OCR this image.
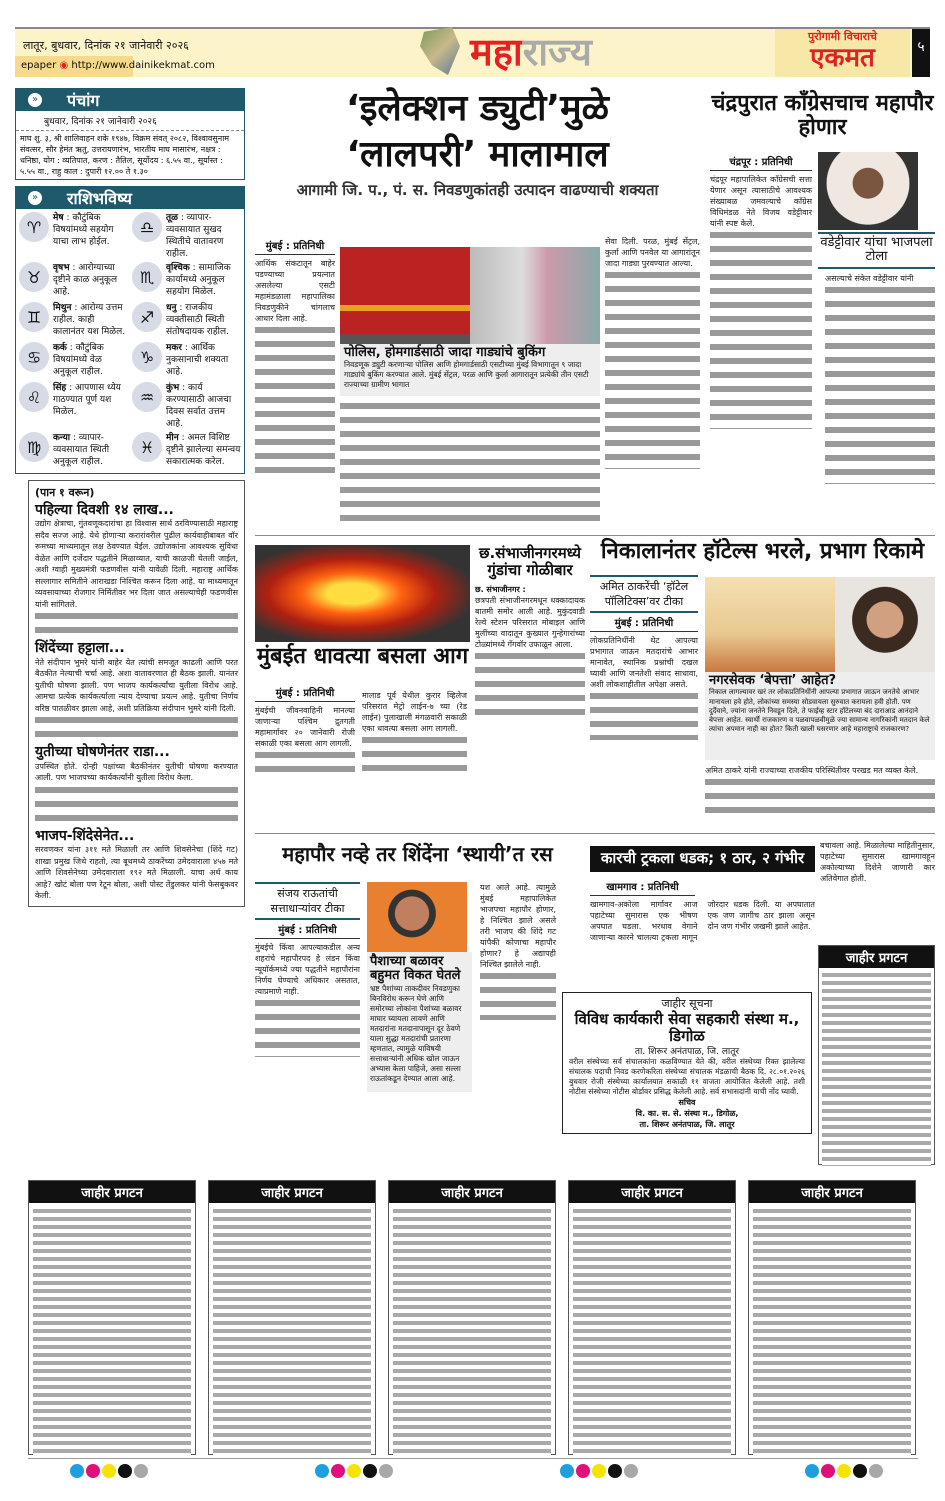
लातूर, बुधवार, दिनांक २१ जानेवारी २०२६
epaper ◉ http://www.dainikekmat.com	महाराज्य	पुरोगामी विचाराचे
एकमत	५
» पंचांग
बुधवार, दिनांक २१ जानेवारी २०२६
माघ शु. ३, श्री शालिवाहन शके १९४७, विक्रम संवत् २०८२, विश्वावसुनाम संवत्सर, सौर हेमंत ऋतु, उत्तरायणारंभ, भारतीय माघ मासारंभ, नक्षत्र : धनिष्ठा, योग : व्यतिपात, करण : तैतिल, सूर्योदय : ६.५५ वा., सूर्यास्त : ५.५५ वा., राहु काल : दुपारी १२.०० ते १.३०
» राशिभविष्य
♈	मेष : कौटुंबिक विषयांमध्ये सहयोग याचा लाभ होईल.
♎	तूळ : व्यापार-व्यवसायात सुखद स्थितीचे वातावरण राहील.
♉	वृषभ : आरोग्याच्या दृष्टीने काळ अनुकूल आहे.
♏	वृश्चिक : सामाजिक कार्यामध्ये अनुकूल सहयोग मिळेल.
♊	मिथुन : आरोग्य उत्तम राहील. काही कालानंतर यश मिळेल.
♐	धनु : राजकीय व्यक्तीसाठी स्थिती संतोषदायक राहील.
♋	कर्क : कौटुंबिक विषयांमध्ये वेळ अनुकूल राहील.
♑	मकर : आर्थिक नुकसानाची शक्यता आहे.
♌	सिंह : आपणास ध्येय गाठण्यात पूर्ण यश मिळेल.
♒	कुंभ : कार्य करण्यासाठी आजचा दिवस सर्वात उत्तम आहे.
♍	कन्या : व्यापार-व्यवसायात स्थिती अनुकूल राहील.
♓	मीन : अमल विशिष्ट दृष्टीने झालेल्या समन्वय सकारात्मक करेल.
(पान १ वरून)
पहिल्या दिवशी १४ लाख...
उद्योग क्षेत्राचा, गुंतवणूकदारांचा हा विश्वास सार्थ ठरविण्यासाठी महाराष्ट्र सदैव सज्ज आहे. येथे होणाऱ्या करारांवरील पुढील कार्यवाहीबाबत वॉर रूमच्या माध्यमातून लक्ष ठेवण्यात येईल. उद्योजकांना आवश्यक सुविधा वेळेत आणि दर्जेदार पद्धतीने मिळाव्यात, याची काळजी घेतली जाईल, अशी ग्वाही मुख्यमंत्री फडणवीस यांनी यावेळी दिली. महाराष्ट्र आर्थिक सल्लागार समितीने आराखडा निश्चित करून दिला आहे. या माध्यमातून व्यवसायाच्या रोजगार निर्मितीवर भर दिला जात असल्याचेही फडणवीस यांनी सांगितले.
शिंदेंच्या हट्टाला...
नेते संदीपान भुमरे यांनी बाहेर येत त्यांची समजूत काढली आणि परत बैठकीत नेल्याची चर्चा आहे. अशा वातावरणात ही बैठक झाली. यानंतर युतीची घोषणा झाली. पण भाजप कार्यकर्त्यांचा युतीला विरोध आहे. आमचा प्रत्येक कार्यकर्त्याला न्याय देण्याचा प्रयत्न आहे. युतीचा निर्णय वरिष्ठ पातळीवर झाला आहे, अशी प्रतिक्रिया संदीपान भुमरे यांनी दिली.
युतीच्या घोषणेनंतर राडा...
उपस्थित होते. दोन्ही पक्षांच्या बैठकीनंतर युतीची घोषणा करण्यात आली. पण भाजपच्या कार्यकर्त्यांनी युतीला विरोध केला.
भाजप-शिंदेसेनेत...
सरवणकर यांना ३११ मते मिळाली तर आणि शिवसेनेचा (शिंदे गट) शाखा प्रमुख जिथे राहतो, त्या बूथमध्ये ठाकरेंच्या उमेदवाराला ४५७ मते आणि शिवसेनेच्या उमेदवाराला १९२ मते मिळाली. याचा अर्थ काय आहे? खोटं बोला पण रेटून बोला, अशी पोस्ट तेंडुलकर यांनी फेसबुकवर केली.
‘इलेक्शन ड्युटी’मुळे
‘लालपरी’ मालामाल
आगामी जि. प., पं. स. निवडणुकांतही उत्पादन वाढण्याची शक्यता
मुंबई : प्रतिनिधी
आर्थिक संकटातून बाहेर पडण्याच्या प्रयत्नात असलेल्या एसटी महामंडळाला महापालिका निवडणुकीने चांगलाच आधार दिला आहे.
पोलिस, होमगार्डसाठी जादा गाड्यांचे बुकिंग
निवडणूक ड्युटी करणाऱ्या पोलिस आणि होमगार्डसाठी एसटीच्या मुंबई विभागातून ९ जादा गाड्यांचे बुकिंग करण्यात आले. मुंबई सेंट्रल, परळ आणि कुर्ला आगारातून प्रत्येकी तीन एसटी राज्याच्या ग्रामीण भागात
सेवा दिली. परळ, मुंबई सेंट्रल, कुर्ला आणि पनवेल या आगारांतून जादा गाड्या पुरवण्यात आल्या.
चंद्रपुरात काँग्रेसचाच महापौर होणार
चंद्रपूर : प्रतिनिधी
चंद्रपूर महापालिकेत काँग्रेसची सत्ता येणार असून त्यासाठीचे आवश्यक संख्याबळ जमवल्याचे काँग्रेस विधिमंडळ नेते विजय वडेट्टीवार यांनी स्पष्ट केले.
वडेट्टीवार यांचा भाजपला टोला
असल्याचे संकेत वडेट्टीवार यांनी
मुंबईत धावत्या बसला आग
मुंबई : प्रतिनिधी
मुंबईची जीवनवाहिनी मानल्या जाणाऱ्या पश्चिम द्रुतगती महामार्गावर २० जानेवारी रोजी सकाळी एका बसला आग लागली.
मालाड पूर्व येथील कुरार व्हिलेज परिसरात मेट्रो लाईन-७ च्या (रेड लाईन) पुलाखाली मंगळवारी सकाळी एका धावत्या बसला आग लागली.
छ.संभाजीनगरमध्ये गुंडांचा गोळीबार
छ. संभाजीनगर :
छत्रपती संभाजीनगरमधून धक्कादायक बातमी समोर आली आहे. मुकुंदवाडी रेल्वे स्टेशन परिसरात मोबाइल आणि मुलींच्या वादातून कुख्यात गुन्हेगारांच्या टोळ्यांमध्ये गँगवॉर उफाळून आला.
निकालानंतर हॉटेल्स भरले, प्रभाग रिकामे
अमित ठाकरेंची ‘हॉटेल पॉलिटिक्स’वर टीका
मुंबई : प्रतिनिधी
लोकप्रतिनिधींनी थेट आपल्या प्रभागात जाऊन मतदारांचे आभार मानावेत, स्थानिक प्रश्नांची दखल घ्यावी आणि जनतेशी संवाद साधावा, अशी लोकशाहीतील अपेक्षा असते.	नगरसेवक ‘बेपत्ता’ आहेत?
निकाल लागल्यावर खरं तर लोकप्रतिनिधींनी आपल्या प्रभागात जाऊन जनतेचे आभार मानायला हवे होते, लोकांच्या समस्या सोडवायला सुरुवात करायला हवी होती. पण दुर्दैवाने, ज्यांना जनतेने निवडून दिले, ते फाईव्ह स्टार हॉटेलच्या बंद दाराआड आनंदाने बेपत्ता आहेत. स्वार्थी राजकारण व पळवापळवीमुळे ज्या सामान्य नागरिकांनी मतदान केले त्यांचा अपमान नाही का होत? किती खाली घसरणार आहे महाराष्ट्राचे राजकारण?
अमित ठाकरे यांनी राज्याच्या राजकीय परिस्थितीवर परखड मत व्यक्त केले.
महापौर नव्हे तर शिंदेंना ‘स्थायी’त रस
संजय राऊतांची सत्ताधाऱ्यांवर टीका
मुंबई : प्रतिनिधी
मुंबईचे किंवा आपल्याकडील अन्य शहरांचे महापौरपद हे लंडन किंवा न्यूयॉर्कमध्ये ज्या पद्धतीने महापौरांना निर्णय घेण्याचे अधिकार असतात, त्याप्रमाणे नाही.
पैशाच्या बळावर बहुमत विकत घेतले
भ्रष्ट पैशांच्या ताकदीवर निवडणुका बिनविरोध करून घेणे आणि समोरच्या लोकांना पैशांच्या बळावर माघार घ्यायला लावणे आणि मतदारांना मतदानापासून दूर ठेवणे याला सुद्धा मतदारांची प्रतारणा म्हणतात, त्यामुळे याविषयी सत्ताधाऱ्यांनी अधिक खोल जाऊन अभ्यास केला पाहिजे, असा सल्ला राऊतांकडून देण्यात आला आहे.
यश आले आहे. त्यामुळे मुंबई महापालिकेत भाजपचा महापौर होणार, हे निश्चित झाले असले तरी भाजप की शिंदे गट यांपैकी कोणाचा महापौर होणार? हे अद्यापही निश्चित झालेले नाही.
कारची ट्रकला धडक; १ ठार, २ गंभीर
खामगाव : प्रतिनिधी
खामगाव-अकोला मार्गावर आज पहाटेच्या सुमारास एक भीषण अपघात घडला. भरधाव वेगाने जाणाऱ्या कारने चालत्या ट्रकला मागून जोरदार धडक दिली. या अपघातात एक जण जागीच ठार झाला असून दोन जण गंभीर जखमी झाले आहेत.
बचावला आहे. मिळालेल्या माहितीनुसार, पहाटेच्या सुमारास खामगावहून अकोल्याच्या दिशेने जाणारी कार अतिवेगात होती.
जाहीर सूचना
विविध कार्यकारी सेवा सहकारी संस्था म., डिगोळ
ता. शिरूर अनंतपाळ, जि. लातूर
वरील संस्थेच्या सर्व संचालकांना कळविण्यात येते की, वरील संस्थेच्या रिक्त झालेल्या संचालक पदाची निवड करणेकरिता संस्थेच्या संचालक मंडळाची बैठक दि. २८.०१.२०२६ बुधवार रोजी संस्थेच्या कार्यालयात सकाळी ११ वाजता आयोजित केलेली आहे. तशी नोटीस संस्थेच्या नोटीस बोर्डावर प्रसिद्ध केलेली आहे. सर्व सभासदांनी याची नोंद घ्यावी.
सचिव
वि. का. स. से. संस्था म., डिगोळ,
ता. शिरूर अनंतपाळ, जि. लातूर
जाहीर प्रगटन
जाहीर प्रगटन	जाहीर प्रगटन	जाहीर प्रगटन	जाहीर प्रगटन	जाहीर प्रगटन
